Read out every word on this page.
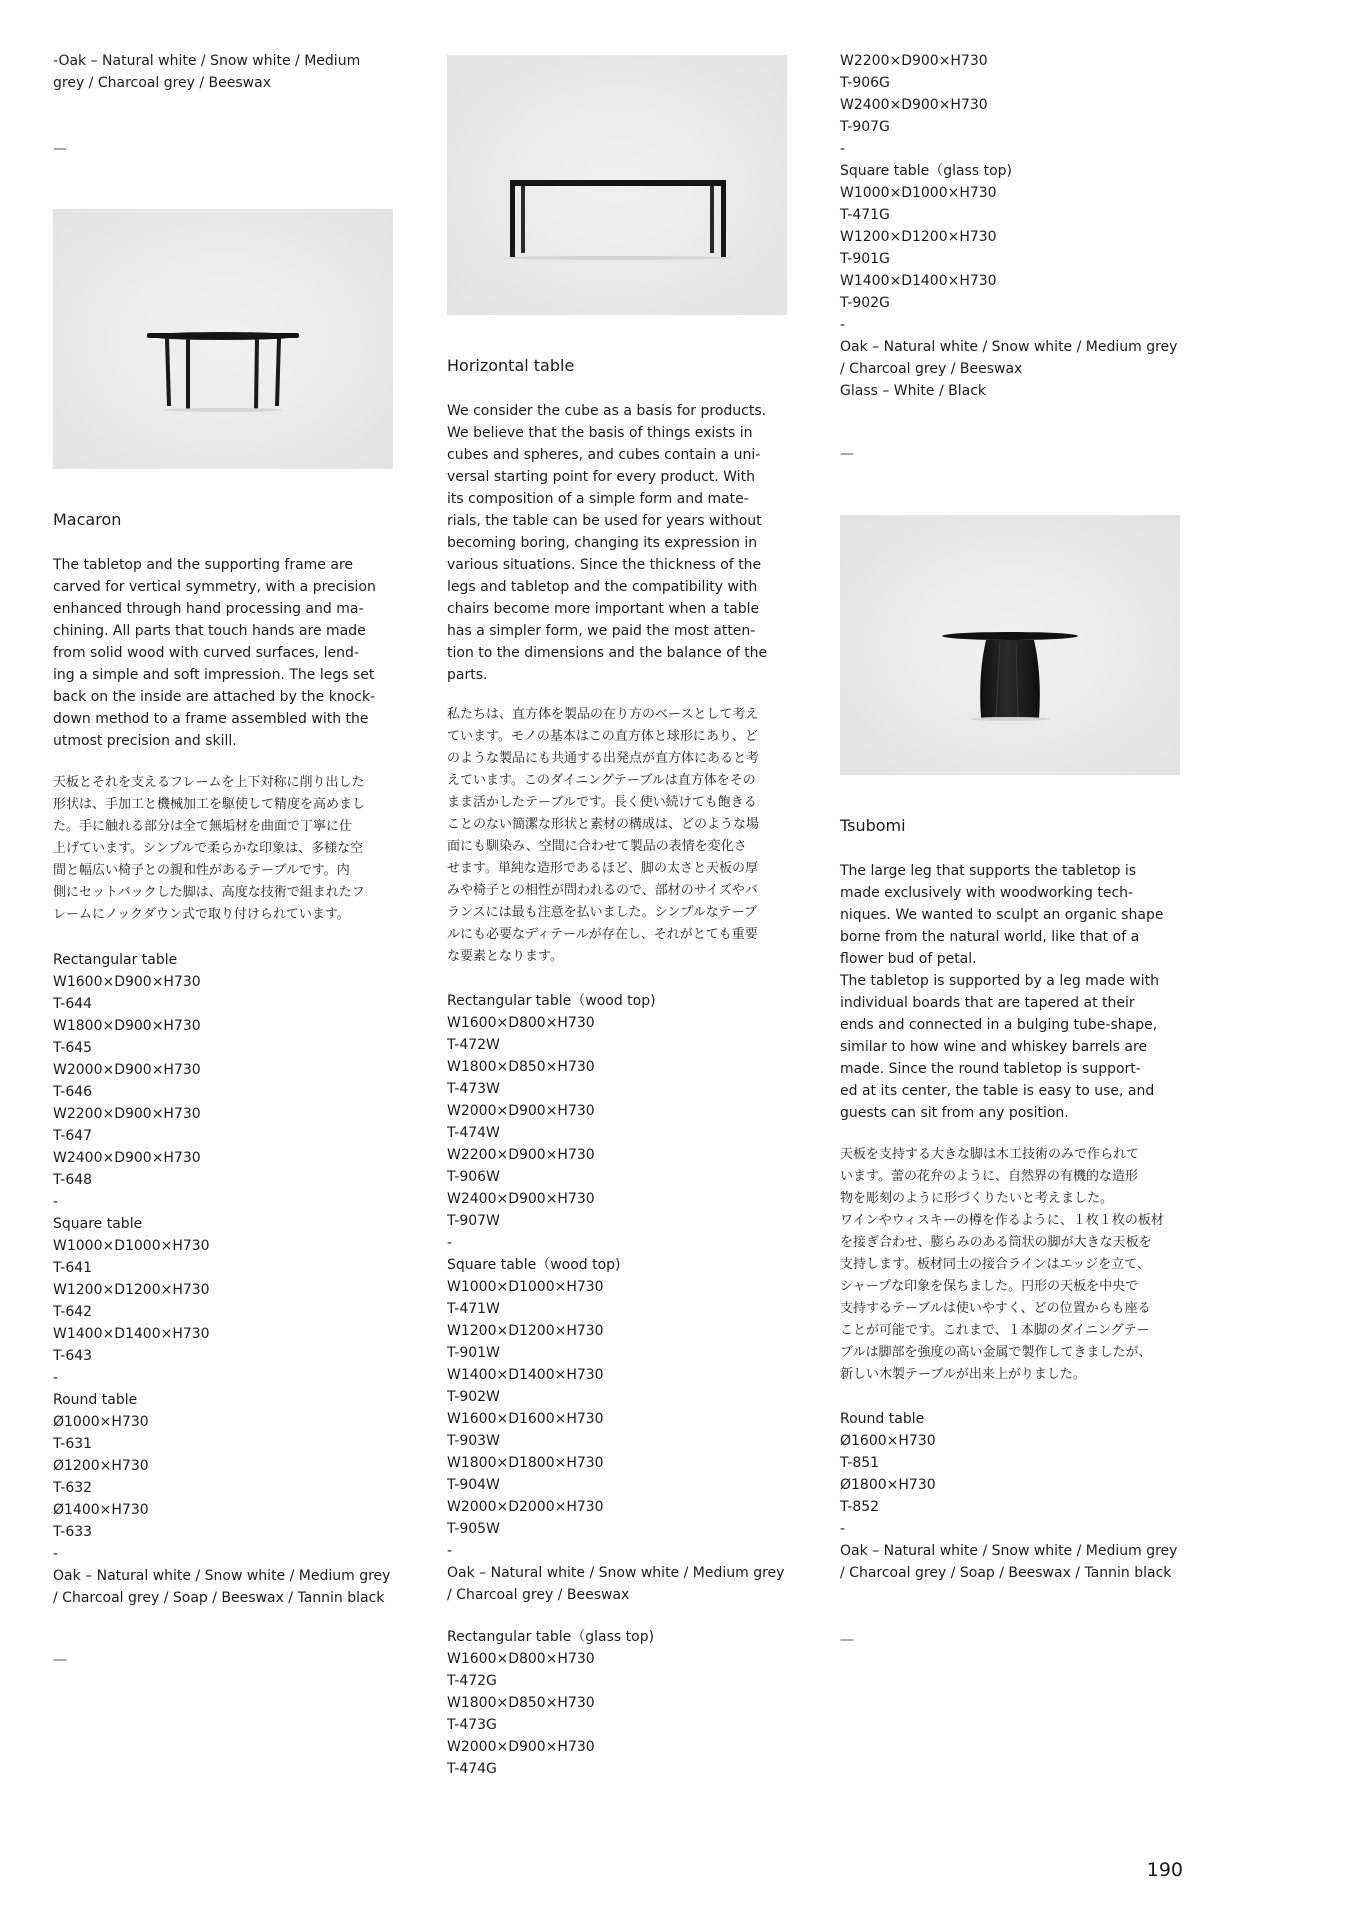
-Oak – Natural white / Snow white / Medium
grey / Charcoal grey / Beeswax

—

Macaron

The tabletop and the supporting frame are
carved for vertical symmetry, with a precision
enhanced through hand processing and ma-
chining. All parts that touch hands are made
from solid wood with curved surfaces, lend-
ing a simple and soft impression. The legs set
back on the inside are attached by the knock-
down method to a frame assembled with the
utmost precision and skill.

天板とそれを支えるフレームを上下対称に削り出した
形状は、手加工と機械加工を駆使して精度を高めまし
た。手に触れる部分は全て無垢材を曲面で丁寧に仕
上げています。シンプルで柔らかな印象は、多様な空
間と幅広い椅子との親和性があるテーブルです。内
側にセットバックした脚は、高度な技術で組まれたフ
レームにノックダウン式で取り付けられています。

Rectangular table
W1600×D900×H730
T-644
W1800×D900×H730
T-645
W2000×D900×H730
T-646
W2200×D900×H730
T-647
W2400×D900×H730
T-648
-
Square table
W1000×D1000×H730
T-641
W1200×D1200×H730
T-642
W1400×D1400×H730
T-643
-
Round table
Ø1000×H730
T-631
Ø1200×H730
T-632
Ø1400×H730
T-633
-
Oak – Natural white / Snow white / Medium grey
/ Charcoal grey / Soap / Beeswax / Tannin black

—

Horizontal table

We consider the cube as a basis for products.
We believe that the basis of things exists in
cubes and spheres, and cubes contain a uni-
versal starting point for every product. With
its composition of a simple form and mate-
rials, the table can be used for years without
becoming boring, changing its expression in
various situations. Since the thickness of the
legs and tabletop and the compatibility with
chairs become more important when a table
has a simpler form, we paid the most atten-
tion to the dimensions and the balance of the
parts.

私たちは、直方体を製品の在り方のベースとして考え
ています。モノの基本はこの直方体と球形にあり、ど
のような製品にも共通する出発点が直方体にあると考
えています。このダイニングテーブルは直方体をその
まま活かしたテーブルです。長く使い続けても飽きる
ことのない簡潔な形状と素材の構成は、どのような場
面にも馴染み、空間に合わせて製品の表情を変化さ
せます。単純な造形であるほど、脚の太さと天板の厚
みや椅子との相性が問われるので、部材のサイズやバ
ランスには最も注意を払いました。シンプルなテーブ
ルにも必要なディテールが存在し、それがとても重要
な要素となります。

Rectangular table（wood top)
W1600×D800×H730
T-472W
W1800×D850×H730
T-473W
W2000×D900×H730
T-474W
W2200×D900×H730
T-906W
W2400×D900×H730
T-907W
-
Square table（wood top)
W1000×D1000×H730
T-471W
W1200×D1200×H730
T-901W
W1400×D1400×H730
T-902W
W1600×D1600×H730
T-903W
W1800×D1800×H730
T-904W
W2000×D2000×H730
T-905W
-
Oak – Natural white / Snow white / Medium grey
/ Charcoal grey / Beeswax

Rectangular table（glass top)
W1600×D800×H730
T-472G
W1800×D850×H730
T-473G
W2000×D900×H730
T-474G

W2200×D900×H730
T-906G
W2400×D900×H730
T-907G
-
Square table（glass top)
W1000×D1000×H730
T-471G
W1200×D1200×H730
T-901G
W1400×D1400×H730
T-902G
-
Oak – Natural white / Snow white / Medium grey
/ Charcoal grey / Beeswax
Glass – White / Black

—

Tsubomi

The large leg that supports the tabletop is
made exclusively with woodworking tech-
niques. We wanted to sculpt an organic shape
borne from the natural world, like that of a
flower bud of petal.
The tabletop is supported by a leg made with
individual boards that are tapered at their
ends and connected in a bulging tube-shape,
similar to how wine and whiskey barrels are
made. Since the round tabletop is support-
ed at its center, the table is easy to use, and
guests can sit from any position.

天板を支持する大きな脚は木工技術のみで作られて
います。蕾の花弁のように、自然界の有機的な造形
物を彫刻のように形づくりたいと考えました。
ワインやウィスキーの樽を作るように、１枚１枚の板材
を接ぎ合わせ、膨らみのある筒状の脚が大きな天板を
支持します。板材同士の接合ラインはエッジを立て、
シャープな印象を保ちました。円形の天板を中央で
支持するテーブルは使いやすく、どの位置からも座る
ことが可能です。これまで、１本脚のダイニングテー
ブルは脚部を強度の高い金属で製作してきましたが、
新しい木製テーブルが出来上がりました。

Round table
Ø1600×H730
T-851
Ø1800×H730
T-852
-
Oak – Natural white / Snow white / Medium grey
/ Charcoal grey / Soap / Beeswax / Tannin black

—

190
